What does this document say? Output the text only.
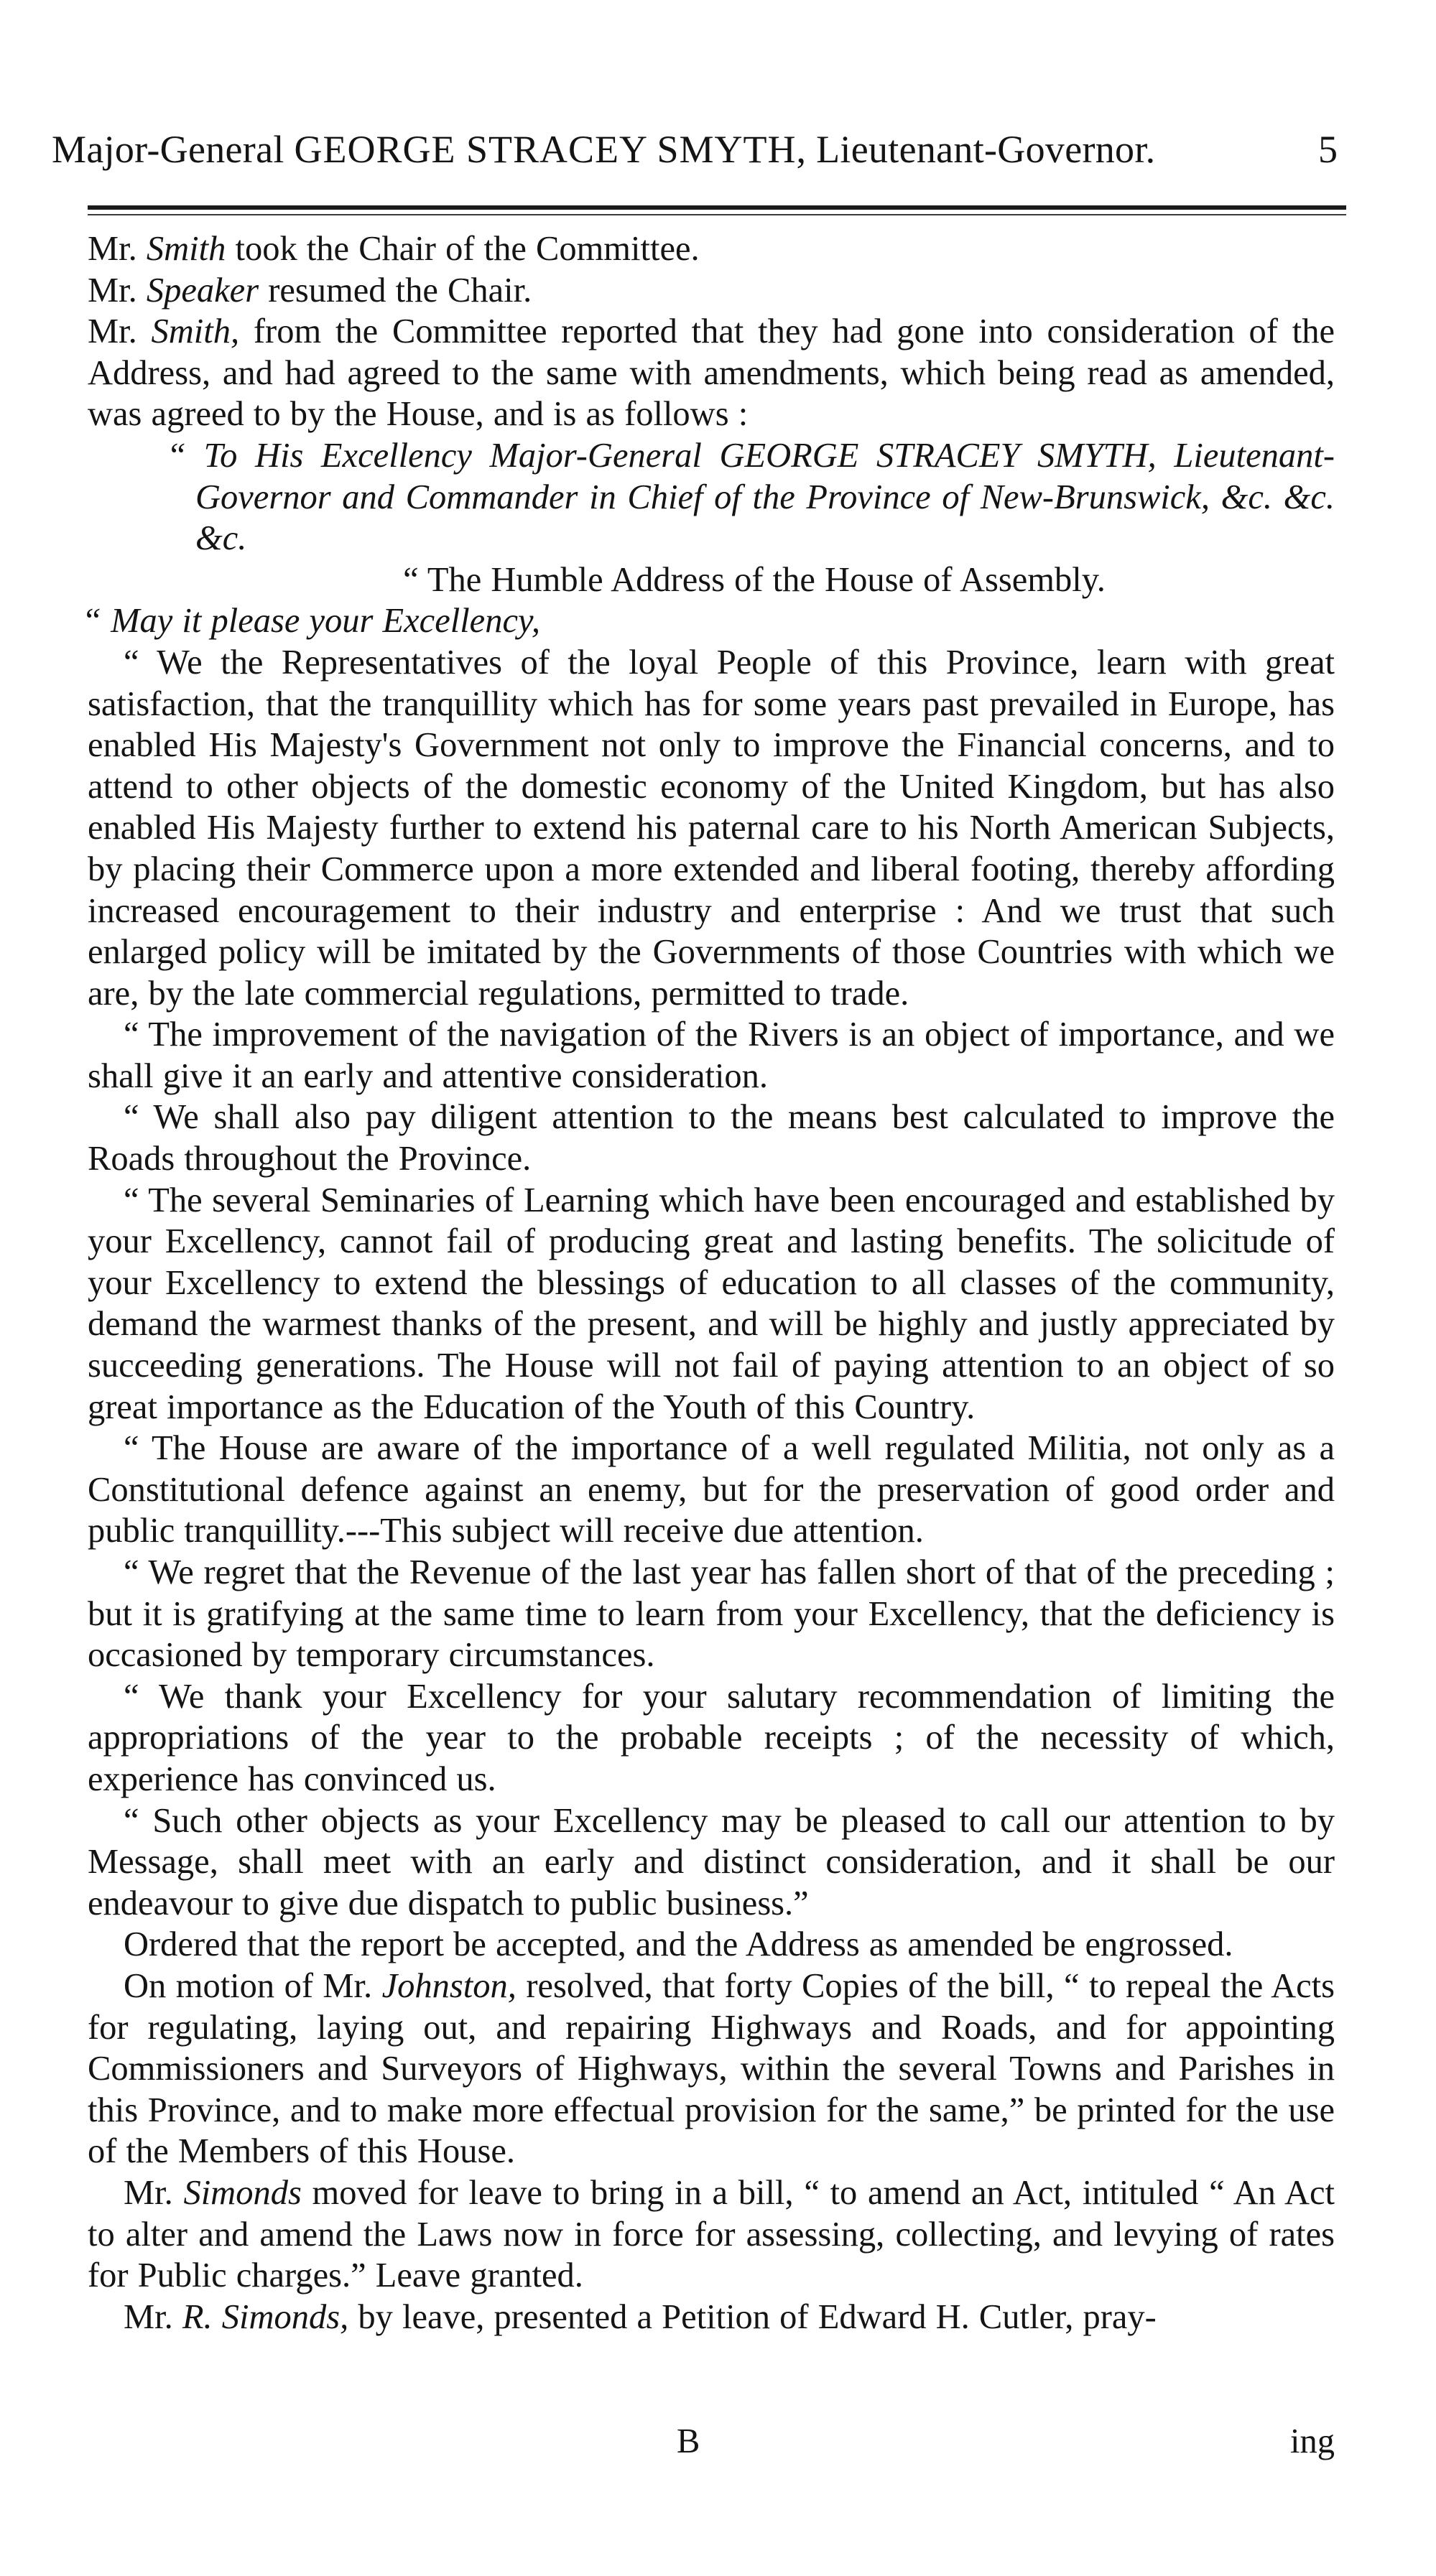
Major-General GEORGE STRACEY SMYTH, Lieutenant-Governor.	5

Mr. Smith took the Chair of the Committee.

Mr. Speaker resumed the Chair.

Mr. Smith, from the Committee reported that they had gone into consideration of the Address, and had agreed to the same with amendments, which being read as amended, was agreed to by the House, and is as follows :

“ To His Excellency Major-General GEORGE STRACEY SMYTH, Lieutenant-Governor and Commander in Chief of the Province of New-Brunswick, &c. &c. &c.

“ The Humble Address of the House of Assembly.

“ May it please your Excellency,

“ We the Representatives of the loyal People of this Province, learn with great satisfaction, that the tranquillity which has for some years past prevailed in Europe, has enabled His Majesty's Government not only to improve the Financial concerns, and to attend to other objects of the domestic economy of the United Kingdom, but has also enabled His Majesty further to extend his paternal care to his North American Subjects, by placing their Commerce upon a more extended and liberal footing, thereby affording increased encouragement to their industry and enterprise : And we trust that such enlarged policy will be imitated by the Governments of those Countries with which we are, by the late commercial regulations, permitted to trade.

“ The improvement of the navigation of the Rivers is an object of importance, and we shall give it an early and attentive consideration.

“ We shall also pay diligent attention to the means best calculated to improve the Roads throughout the Province.

“ The several Seminaries of Learning which have been encouraged and established by your Excellency, cannot fail of producing great and lasting benefits. The solicitude of your Excellency to extend the blessings of education to all classes of the community, demand the warmest thanks of the present, and will be highly and justly appreciated by succeeding generations. The House will not fail of paying attention to an object of so great importance as the Education of the Youth of this Country.

“ The House are aware of the importance of a well regulated Militia, not only as a Constitutional defence against an enemy, but for the preservation of good order and public tranquillity.---This subject will receive due attention.

“ We regret that the Revenue of the last year has fallen short of that of the preceding ; but it is gratifying at the same time to learn from your Excellency, that the deficiency is occasioned by temporary circumstances.

“ We thank your Excellency for your salutary recommendation of limiting the appropriations of the year to the probable receipts ; of the necessity of which, experience has convinced us.

“ Such other objects as your Excellency may be pleased to call our attention to by Message, shall meet with an early and distinct consideration, and it shall be our endeavour to give due dispatch to public business.”

Ordered that the report be accepted, and the Address as amended be engrossed.

On motion of Mr. Johnston, resolved, that forty Copies of the bill, “ to repeal the Acts for regulating, laying out, and repairing Highways and Roads, and for appointing Commissioners and Surveyors of Highways, within the several Towns and Parishes in this Province, and to make more effectual provision for the same,” be printed for the use of the Members of this House.

Mr. Simonds moved for leave to bring in a bill, “ to amend an Act, intituled “ An Act to alter and amend the Laws now in force for assessing, collecting, and levying of rates for Public charges.” Leave granted.

Mr. R. Simonds, by leave, presented a Petition of Edward H. Cutler, pray-

B	ing
